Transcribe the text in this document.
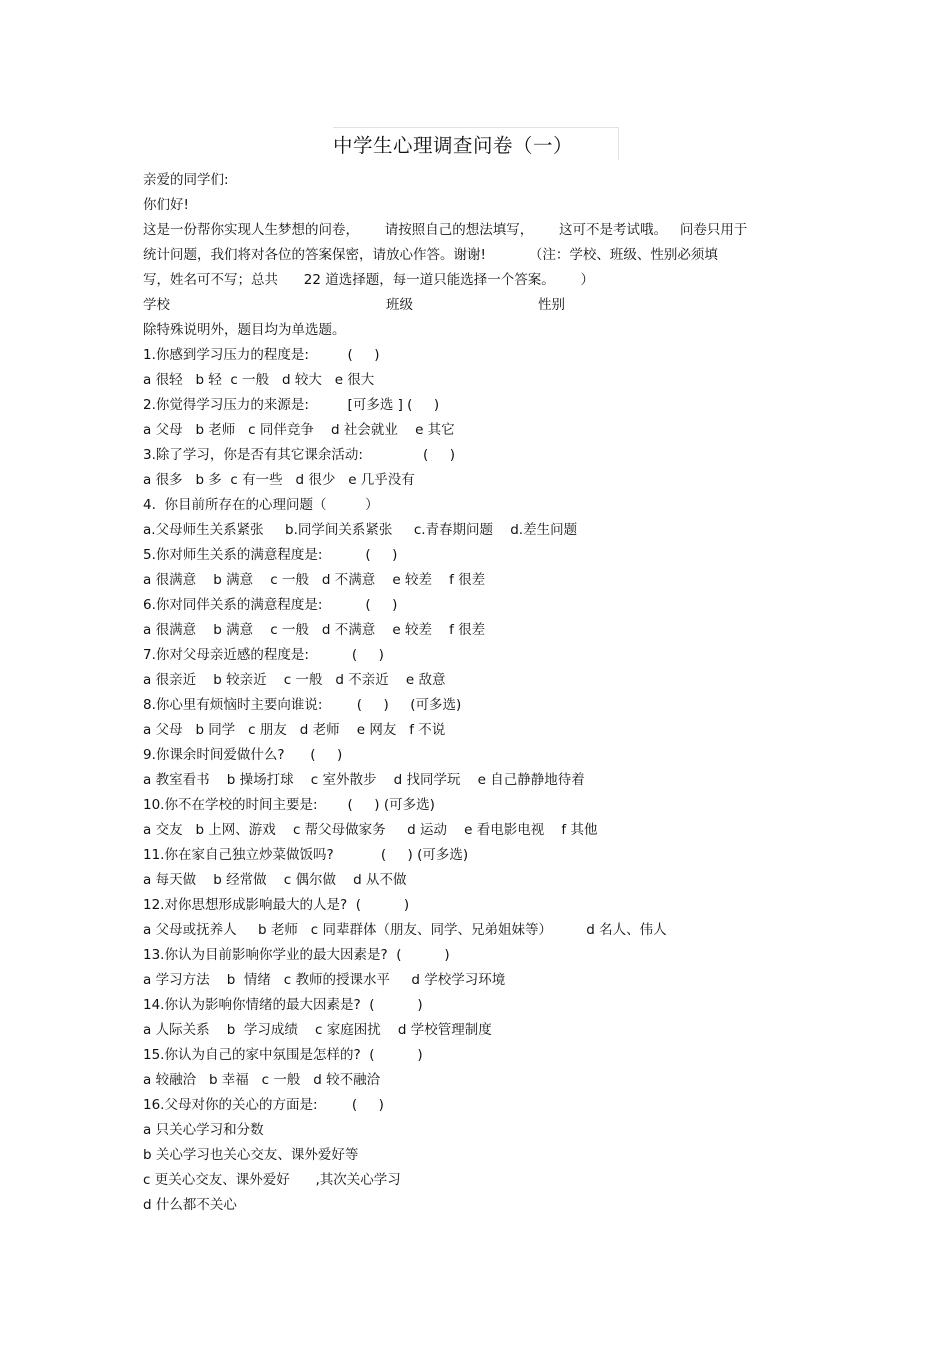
中学生心理调查问卷（一）
亲爱的同学们:
你们好!
这是一份帮你实现人生梦想的问卷，      请按照自己的想法填写，      这可不是考试哦。   问卷只用于
统计问题，我们将对各位的答案保密，请放心作答。谢谢!          （注：学校、班级、性别必须填
写，姓名可不写；总共      22 道选择题，每一道只能选择一个答案。      ）
学校	班级	性别
除特殊说明外，题目均为单选题。
1.你感到学习压力的程度是:         (     )
a 很轻   b 轻  c 一般   d 较大   e 很大
2.你觉得学习压力的来源是:         [可多选 ] (     )
a 父母   b 老师   c 同伴竞争    d 社会就业    e 其它
3.除了学习，你是否有其它课余活动:              (     )
a 很多   b 多  c 有一些   d 很少   e 几乎没有
4.  你目前所存在的心理问题（         ）
a.父母师生关系紧张     b.同学间关系紧张     c.青春期问题    d.差生问题
5.你对师生关系的满意程度是:          (     )
a 很满意    b 满意    c 一般   d 不满意    e 较差    f 很差
6.你对同伴关系的满意程度是:          (     )
a 很满意    b 满意    c 一般   d 不满意    e 较差    f 很差
7.你对父母亲近感的程度是:          (     )
a 很亲近    b 较亲近    c 一般   d 不亲近    e 敌意
8.你心里有烦恼时主要向谁说:        (     )     (可多选)
a 父母   b 同学   c 朋友   d 老师    e 网友   f 不说
9.你课余时间爱做什么?      (     )
a 教室看书    b 操场打球    c 室外散步    d 找同学玩    e 自己静静地待着
10.你不在学校的时间主要是:       (     ) (可多选)
a 交友   b 上网、游戏    c 帮父母做家务     d 运动    e 看电影电视    f 其他
11.你在家自己独立炒菜做饭吗?           (     ) (可多选)
a 每天做    b 经常做    c 偶尔做    d 从不做
12.对你思想形成影响最大的人是?  (          )
a 父母或抚养人     b 老师   c 同辈群体（朋友、同学、兄弟姐妹等）        d 名人、伟人
13.你认为目前影响你学业的最大因素是?  (          )
a 学习方法    b  情绪   c 教师的授课水平     d 学校学习环境
14.你认为影响你情绪的最大因素是?  (          )
a 人际关系    b  学习成绩    c 家庭困扰    d 学校管理制度
15.你认为自己的家中氛围是怎样的?  (          )
a 较融洽   b 幸福   c 一般   d 较不融洽
16.父母对你的关心的方面是:        (     )
a 只关心学习和分数
b 关心学习也关心交友、课外爱好等
c 更关心交友、课外爱好      ,其次关心学习
d 什么都不关心
